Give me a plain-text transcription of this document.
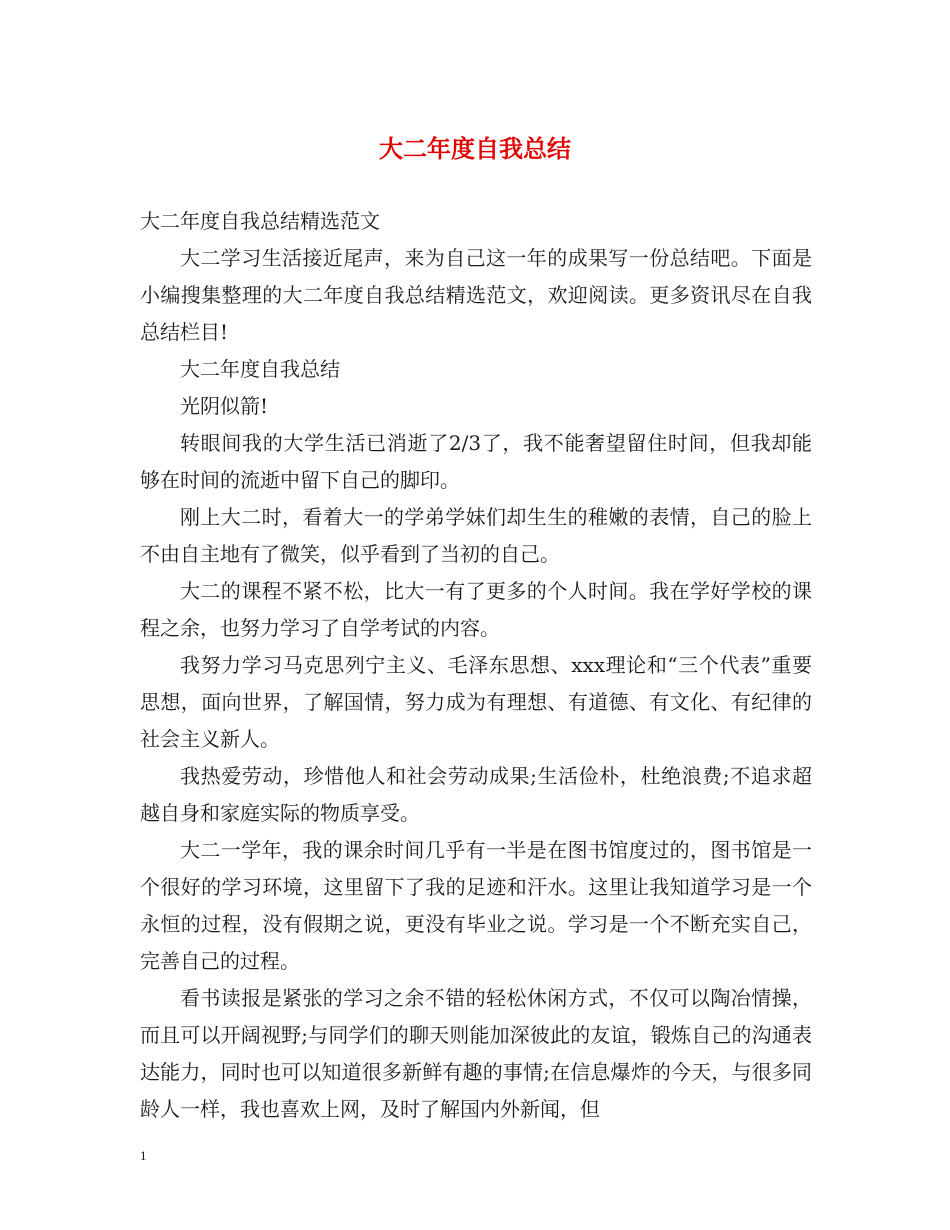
大二年度自我总结

大二年度自我总结精选范文

大二学习生活接近尾声，来为自己这一年的成果写一份总结吧。下面是小编搜集整理的大二年度自我总结精选范文，欢迎阅读。更多资讯尽在自我总结栏目!

大二年度自我总结

光阴似箭!

转眼间我的大学生活已消逝了2/3了，我不能奢望留住时间，但我却能够在时间的流逝中留下自己的脚印。

刚上大二时，看着大一的学弟学妹们却生生的稚嫩的表情，自己的脸上不由自主地有了微笑，似乎看到了当初的自己。

大二的课程不紧不松，比大一有了更多的个人时间。我在学好学校的课程之余，也努力学习了自学考试的内容。

我努力学习马克思列宁主义、毛泽东思想、xxx理论和“三个代表”重要思想，面向世界，了解国情，努力成为有理想、有道德、有文化、有纪律的社会主义新人。

我热爱劳动，珍惜他人和社会劳动成果;生活俭朴，杜绝浪费;不追求超越自身和家庭实际的物质享受。

大二一学年，我的课余时间几乎有一半是在图书馆度过的，图书馆是一个很好的学习环境，这里留下了我的足迹和汗水。这里让我知道学习是一个永恒的过程，没有假期之说，更没有毕业之说。学习是一个不断充实自己，完善自己的过程。

看书读报是紧张的学习之余不错的轻松休闲方式，不仅可以陶冶情操，而且可以开阔视野;与同学们的聊天则能加深彼此的友谊，锻炼自己的沟通表达能力，同时也可以知道很多新鲜有趣的事情;在信息爆炸的今天，与很多同龄人一样，我也喜欢上网，及时了解国内外新闻，但

1
